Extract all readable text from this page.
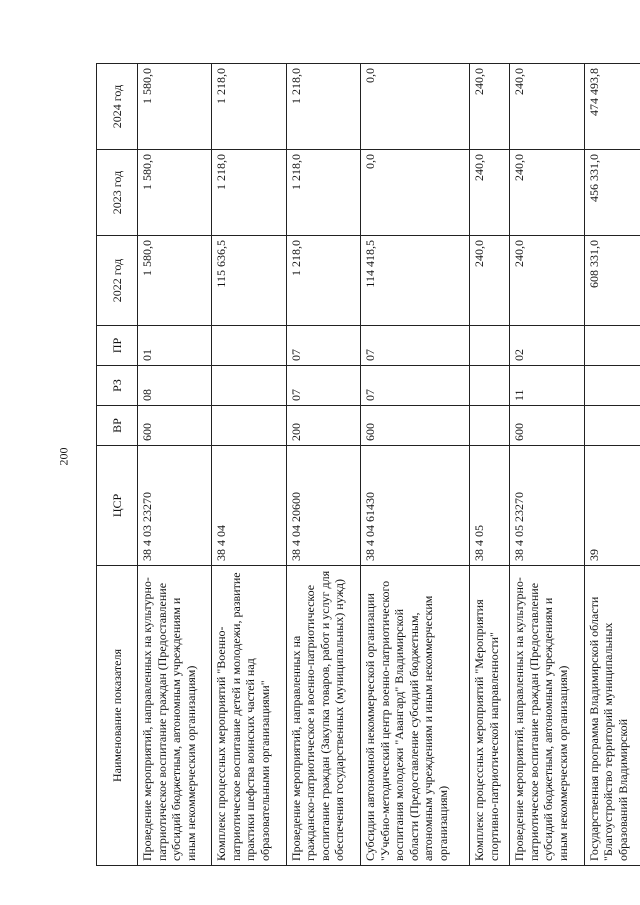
200
Наименование показателя	ЦСР	ВР	РЗ	ПР	2022 год	2023 год	2024 год
Проведение мероприятий, направленных на культурно-патриотическое воспитание граждан (Предоставление субсидий бюджетным, автономным учреждениям и иным некоммерческим организациям)	38 4 03 23270	600	08	01	1 580,0	1 580,0	1 580,0
Комплекс процессных мероприятий "Военно-патриотическое воспитание детей и молодежи, развитие практики шефства воинских частей над образовательными организациями"	38 4 04				115 636,5	1 218,0	1 218,0
Проведение мероприятий, направленных на гражданско-патриотическое и военно-патриотическое воспитание граждан (Закупка товаров, работ и услуг для обеспечения государственных (муниципальных) нужд)	38 4 04 20600	200	07	07	1 218,0	1 218,0	1 218,0
Субсидии автономной некоммерческой организации "Учебно-методический центр военно-патриотического воспитания молодежи "Авангард" Владимирской области (Предоставление субсидий бюджетным, автономным учреждениям и иным некоммерческим организациям)	38 4 04 61430	600	07	07	114 418,5	0,0	0,0
Комплекс процессных мероприятий "Мероприятия спортивно-патриотической направленности"	38 4 05				240,0	240,0	240,0
Проведение мероприятий, направленных на культурно-патриотическое воспитание граждан (Предоставление субсидий бюджетным, автономным учреждениям и иным некоммерческим организациям)	38 4 05 23270	600	11	02	240,0	240,0	240,0
Государственная программа Владимирской области "Благоустройство территорий муниципальных образований Владимирской	39				608 331,0	456 331,0	474 493,8
